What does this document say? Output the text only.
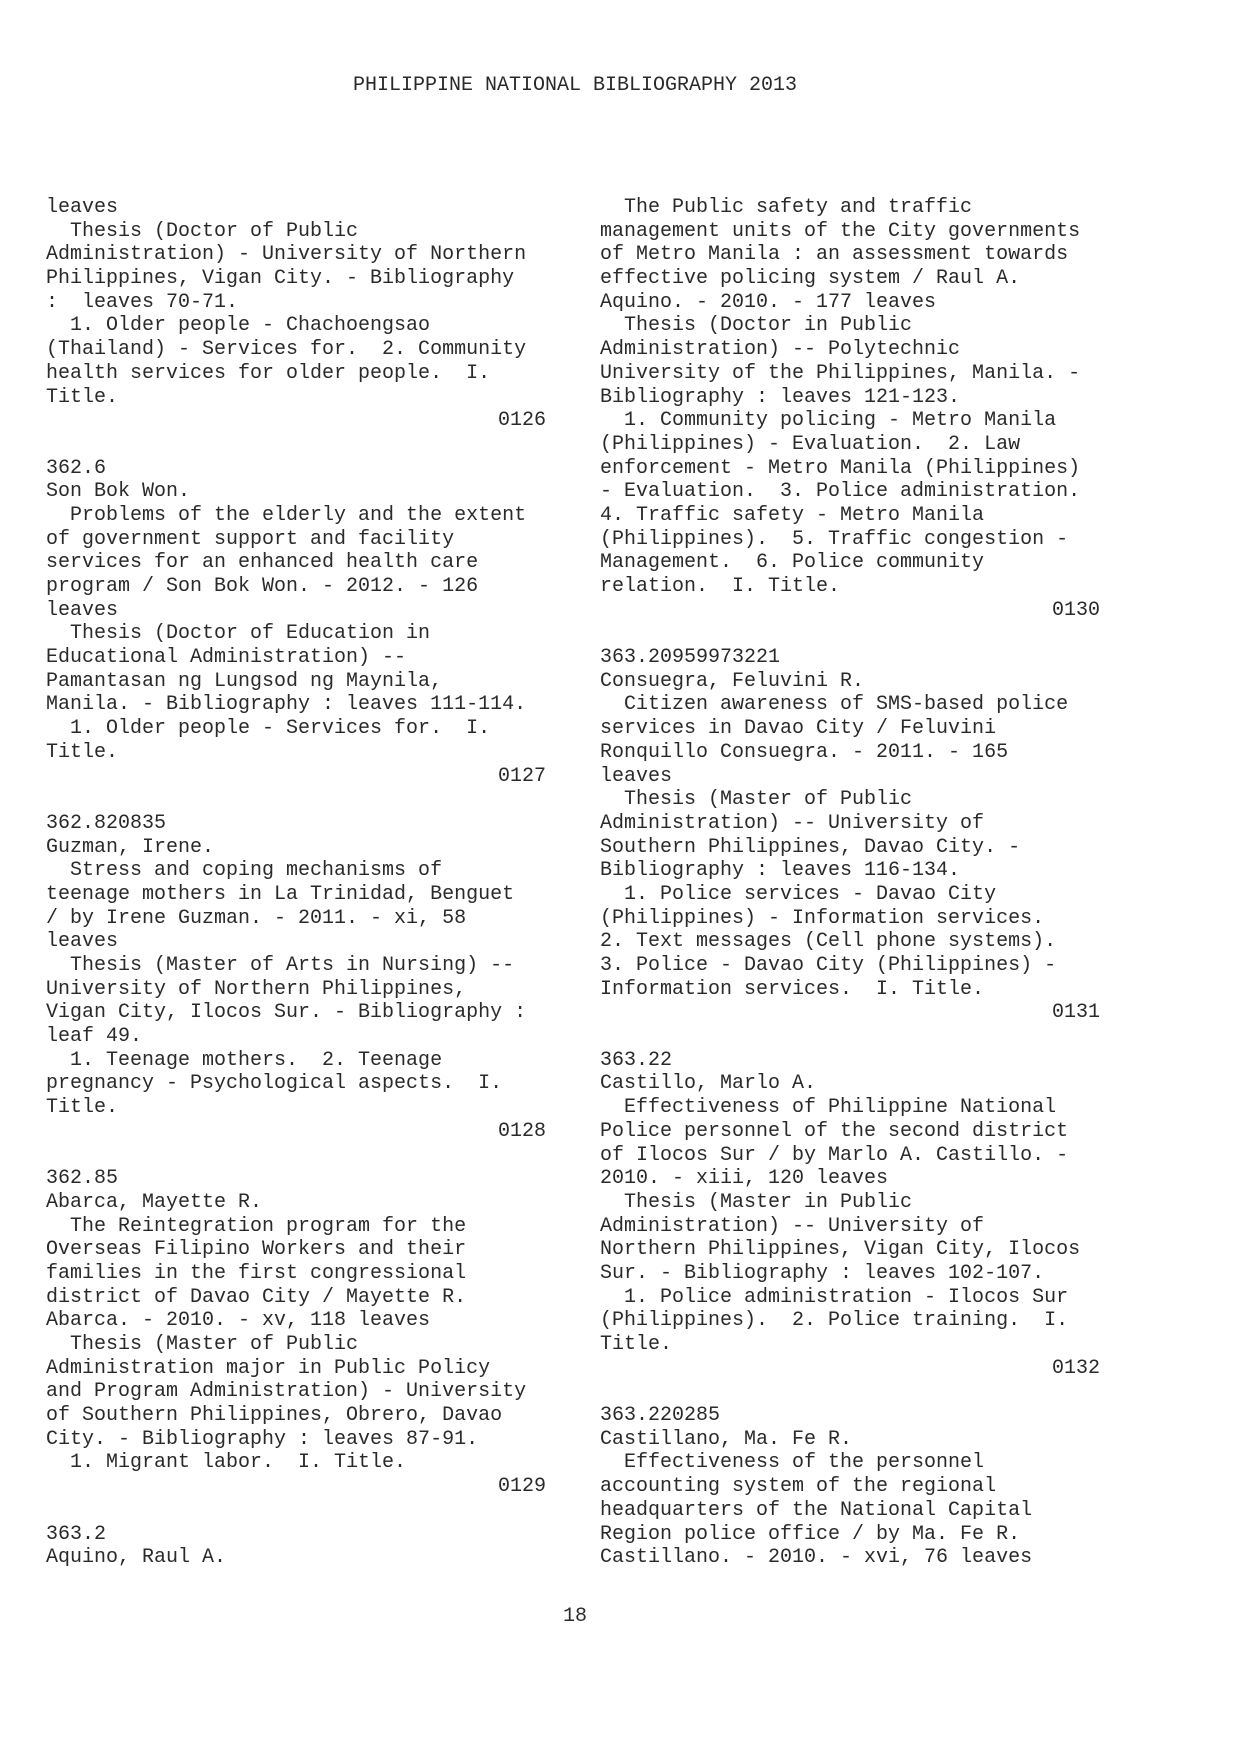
PHILIPPINE NATIONAL BIBLIOGRAPHY 2013
leaves
Thesis (Doctor of Public
Administration) - University of Northern
Philippines, Vigan City. - Bibliography
:  leaves 70-71.
1. Older people - Chachoengsao
(Thailand) - Services for.  2. Community
health services for older people.  I.
Title.
0126
362.6
Son Bok Won.
Problems of the elderly and the extent
of government support and facility
services for an enhanced health care
program / Son Bok Won. - 2012. - 126
leaves
Thesis (Doctor of Education in
Educational Administration) --
Pamantasan ng Lungsod ng Maynila,
Manila. - Bibliography : leaves 111-114.
1. Older people - Services for.  I.
Title.
0127
362.820835
Guzman, Irene.
Stress and coping mechanisms of
teenage mothers in La Trinidad, Benguet
/ by Irene Guzman. - 2011. - xi, 58
leaves
Thesis (Master of Arts in Nursing) --
University of Northern Philippines,
Vigan City, Ilocos Sur. - Bibliography :
leaf 49.
1. Teenage mothers.  2. Teenage
pregnancy - Psychological aspects.  I.
Title.
0128
362.85
Abarca, Mayette R.
The Reintegration program for the
Overseas Filipino Workers and their
families in the first congressional
district of Davao City / Mayette R.
Abarca. - 2010. - xv, 118 leaves
Thesis (Master of Public
Administration major in Public Policy
and Program Administration) - University
of Southern Philippines, Obrero, Davao
City. - Bibliography : leaves 87-91.
1. Migrant labor.  I. Title.
0129
363.2
Aquino, Raul A.
The Public safety and traffic
management units of the City governments
of Metro Manila : an assessment towards
effective policing system / Raul A.
Aquino. - 2010. - 177 leaves
Thesis (Doctor in Public
Administration) -- Polytechnic
University of the Philippines, Manila. -
Bibliography : leaves 121-123.
1. Community policing - Metro Manila
(Philippines) - Evaluation.  2. Law
enforcement - Metro Manila (Philippines)
- Evaluation.  3. Police administration.
4. Traffic safety - Metro Manila
(Philippines).  5. Traffic congestion -
Management.  6. Police community
relation.  I. Title.
0130
363.20959973221
Consuegra, Feluvini R.
Citizen awareness of SMS-based police
services in Davao City / Feluvini
Ronquillo Consuegra. - 2011. - 165
leaves
Thesis (Master of Public
Administration) -- University of
Southern Philippines, Davao City. -
Bibliography : leaves 116-134.
1. Police services - Davao City
(Philippines) - Information services.
2. Text messages (Cell phone systems).
3. Police - Davao City (Philippines) -
Information services.  I. Title.
0131
363.22
Castillo, Marlo A.
Effectiveness of Philippine National
Police personnel of the second district
of Ilocos Sur / by Marlo A. Castillo. -
2010. - xiii, 120 leaves
Thesis (Master in Public
Administration) -- University of
Northern Philippines, Vigan City, Ilocos
Sur. - Bibliography : leaves 102-107.
1. Police administration - Ilocos Sur
(Philippines).  2. Police training.  I.
Title.
0132
363.220285
Castillano, Ma. Fe R.
Effectiveness of the personnel
accounting system of the regional
headquarters of the National Capital
Region police office / by Ma. Fe R.
Castillano. - 2010. - xvi, 76 leaves
18
